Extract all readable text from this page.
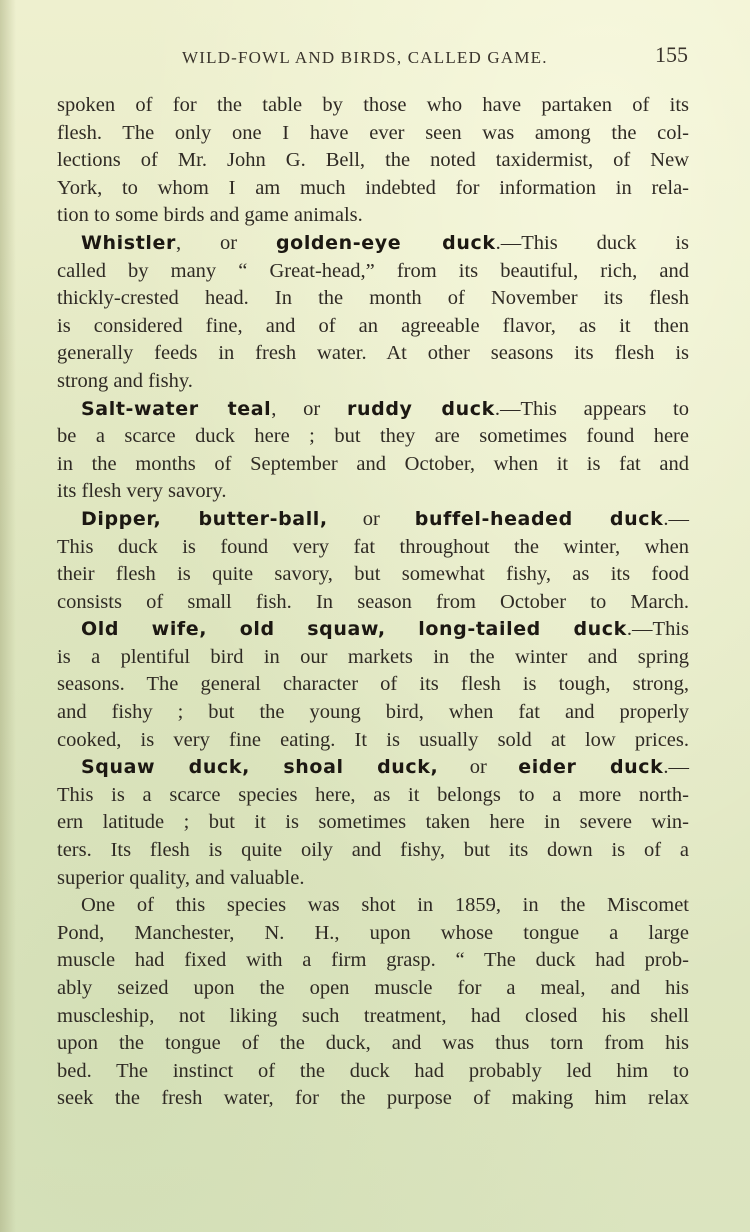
WILD-FOWL AND BIRDS, CALLED GAME.	155
spoken of for the table by those who have partaken of its
flesh. The only one I have ever seen was among the col-
lections of Mr. John G. Bell, the noted taxidermist, of New
York, to whom I am much indebted for information in rela-
tion to some birds and game animals.
Whistler, or golden-eye duck.—This duck is
called by many “ Great-head,” from its beautiful, rich, and
thickly-crested head. In the month of November its flesh
is considered fine, and of an agreeable flavor, as it then
generally feeds in fresh water. At other seasons its flesh is
strong and fishy.
Salt-water teal, or ruddy duck.—This appears to
be a scarce duck here ; but they are sometimes found here
in the months of September and October, when it is fat and
its flesh very savory.
Dipper, butter-ball, or buffel-headed duck.—
This duck is found very fat throughout the winter, when
their flesh is quite savory, but somewhat fishy, as its food
consists of small fish. In season from October to March.
Old wife, old squaw, long-tailed duck.—This
is a plentiful bird in our markets in the winter and spring
seasons. The general character of its flesh is tough, strong,
and fishy ; but the young bird, when fat and properly
cooked, is very fine eating. It is usually sold at low prices.
Squaw duck, shoal duck, or eider duck.—
This is a scarce species here, as it belongs to a more north-
ern latitude ; but it is sometimes taken here in severe win-
ters. Its flesh is quite oily and fishy, but its down is of a
superior quality, and valuable.
One of this species was shot in 1859, in the Miscomet
Pond, Manchester, N. H., upon whose tongue a large
muscle had fixed with a firm grasp. “ The duck had prob-
ably seized upon the open muscle for a meal, and his
muscleship, not liking such treatment, had closed his shell
upon the tongue of the duck, and was thus torn from his
bed. The instinct of the duck had probably led him to
seek the fresh water, for the purpose of making him relax
